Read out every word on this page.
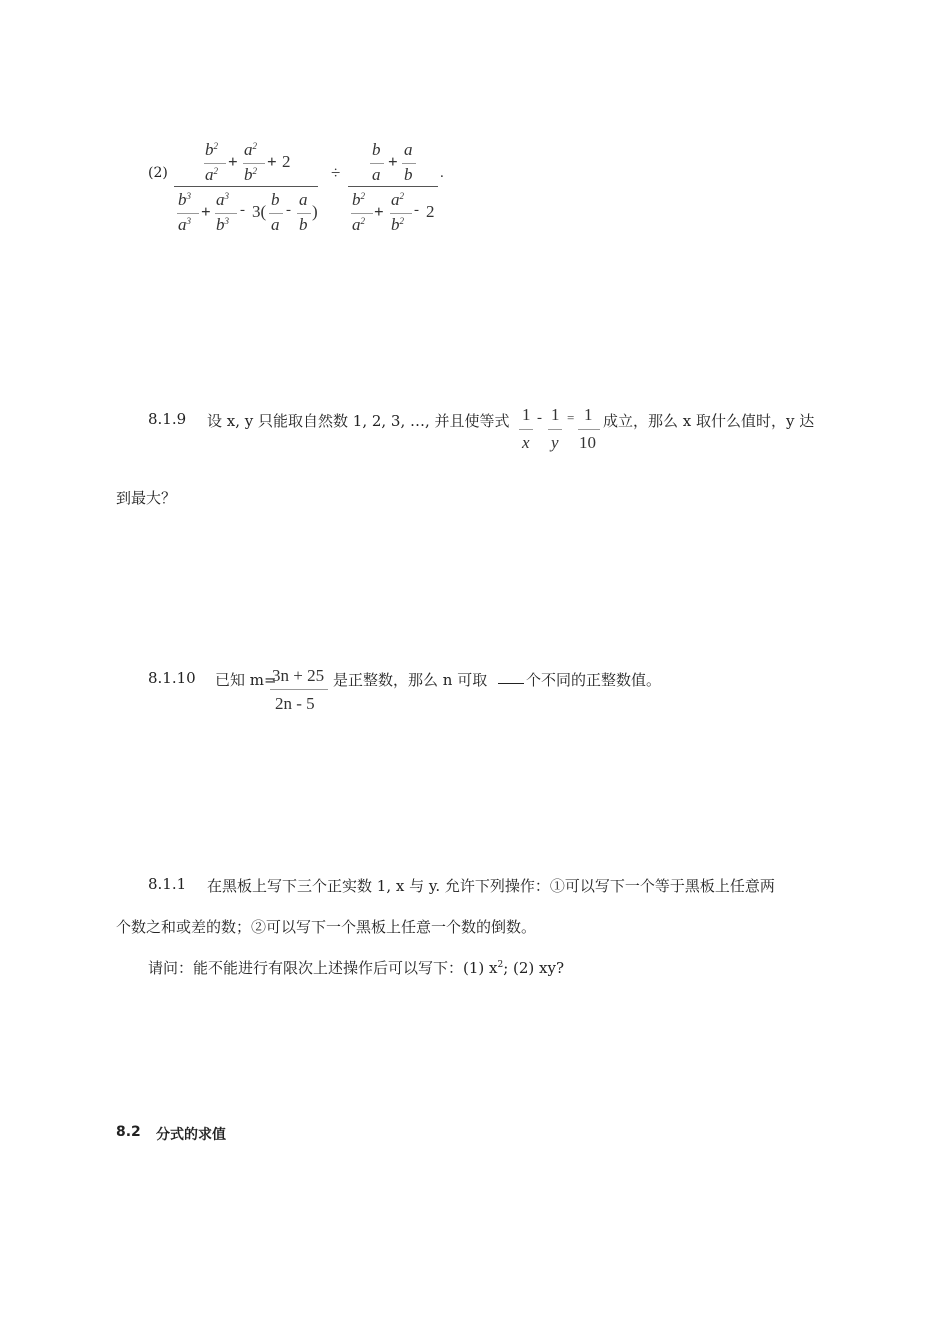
(2)
$b^2$
$a^2$ +
$a^2$
$b^2 + 2$
$b^3$
$a^3$ +
$a^3$
$b^3$
- 3(
b
a
-
a
b
)
÷
b
a
+
a
b
$b^2$
$a^2$ +
$a^2$
$b^2$
- 2
.
8.1.9 设 x, y 只能取自然数 1, 2, 3, …, 并且使等式 1
x
- 1
y
= 1
10
成立，那么 x 取什么值时，y 达
到最大？
8.1.10 已知 m=
3n + 25
2n - 5
是正整数，那么 n 可取	个不同的正整数值。
8.1.1 在黑板上写下三个正实数 1, x 与 y. 允许下列操作：①可以写下一个等于黑板上任意两
个数之和或差的数；②可以写下一个黑板上任意一个数的倒数。
请问：能不能进行有限次上述操作后可以写下：(1) $x^2$; (2) xy?
8.2 分式的求值
